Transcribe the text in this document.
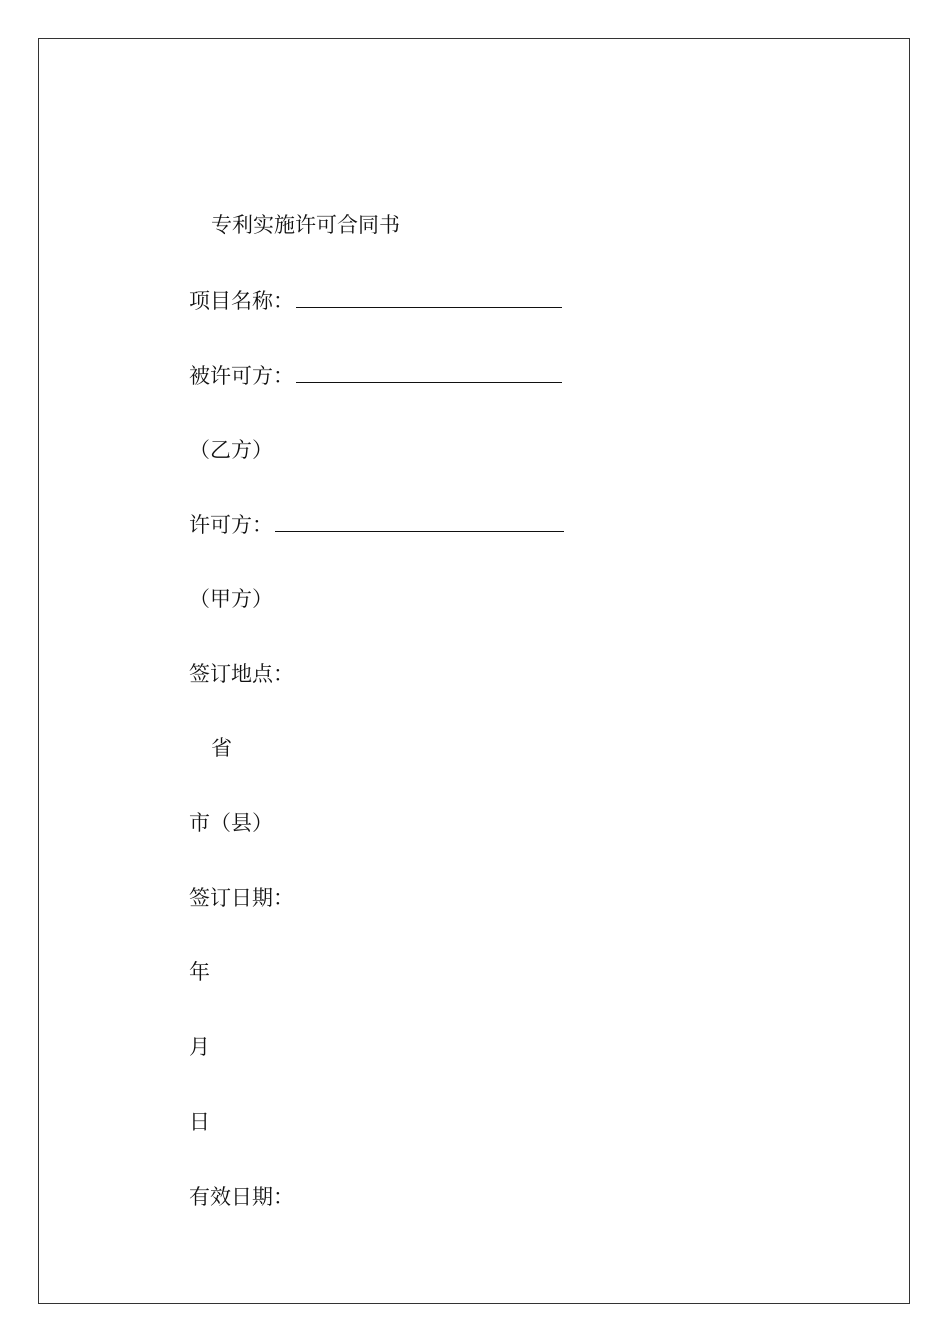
专利实施许可合同书
项目名称：
被许可方：
（乙方）
许可方：
（甲方）
签订地点：
省
市（县）
签订日期：
年
月
日
有效日期：
